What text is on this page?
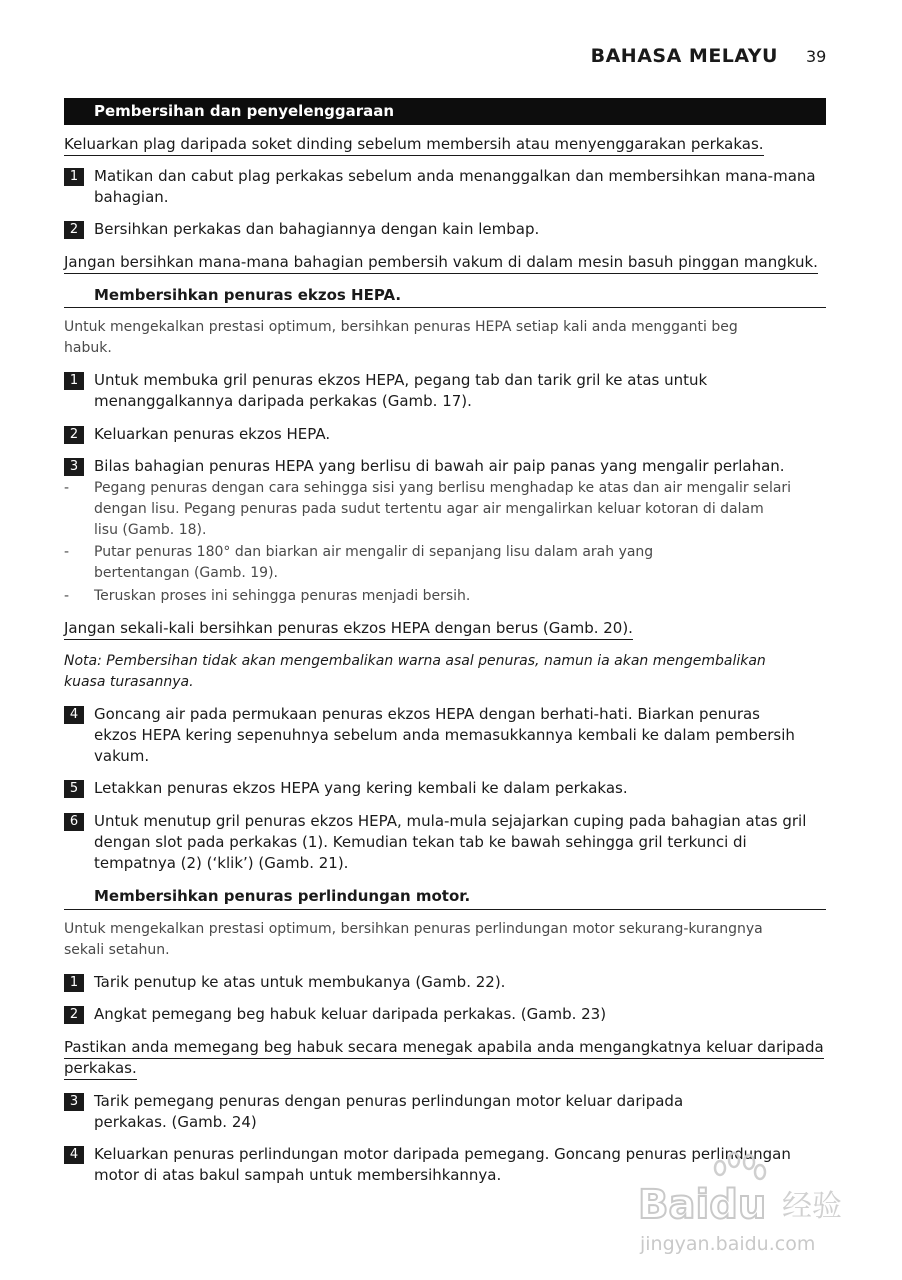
BAHASA MELAYU 39
Pembersihan dan penyelenggaraan
Keluarkan plag daripada soket dinding sebelum membersih atau menyenggarakan perkakas.
1	Matikan dan cabut plag perkakas sebelum anda menanggalkan dan membersihkan mana-mana
bahagian.
2	Bersihkan perkakas dan bahagiannya dengan kain lembap.
Jangan bersihkan mana-mana bahagian pembersih vakum di dalam mesin basuh pinggan mangkuk.
Membersihkan penuras ekzos HEPA.
Untuk mengekalkan prestasi optimum, bersihkan penuras HEPA setiap kali anda mengganti beg
habuk.
1	Untuk membuka gril penuras ekzos HEPA, pegang tab dan tarik gril ke atas untuk
menanggalkannya daripada perkakas (Gamb. 17).
2	Keluarkan penuras ekzos HEPA.
3	Bilas bahagian penuras HEPA yang berlisu di bawah air paip panas yang mengalir perlahan.
- Pegang penuras dengan cara sehingga sisi yang berlisu menghadap ke atas dan air mengalir selari
dengan lisu. Pegang penuras pada sudut tertentu agar air mengalirkan keluar kotoran di dalam
lisu (Gamb. 18).
- Putar penuras 180° dan biarkan air mengalir di sepanjang lisu dalam arah yang
bertentangan (Gamb. 19).
- Teruskan proses ini sehingga penuras menjadi bersih.
Jangan sekali-kali bersihkan penuras ekzos HEPA dengan berus (Gamb. 20).
Nota: Pembersihan tidak akan mengembalikan warna asal penuras, namun ia akan mengembalikan
kuasa turasannya.
4	Goncang air pada permukaan penuras ekzos HEPA dengan berhati-hati. Biarkan penuras
ekzos HEPA kering sepenuhnya sebelum anda memasukkannya kembali ke dalam pembersih
vakum.
5	Letakkan penuras ekzos HEPA yang kering kembali ke dalam perkakas.
6	Untuk menutup gril penuras ekzos HEPA, mula-mula sejajarkan cuping pada bahagian atas gril
dengan slot pada perkakas (1). Kemudian tekan tab ke bawah sehingga gril terkunci di
tempatnya (2) (‘klik’) (Gamb. 21).
Membersihkan penuras perlindungan motor.
Untuk mengekalkan prestasi optimum, bersihkan penuras perlindungan motor sekurang-kurangnya
sekali setahun.
1	Tarik penutup ke atas untuk membukanya (Gamb. 22).
2	Angkat pemegang beg habuk keluar daripada perkakas. (Gamb. 23)
Pastikan anda memegang beg habuk secara menegak apabila anda mengangkatnya keluar daripada
perkakas.
3	Tarik pemegang penuras dengan penuras perlindungan motor keluar daripada
perkakas. (Gamb. 24)
4	Keluarkan penuras perlindungan motor daripada pemegang. Goncang penuras perlindungan
motor di atas bakul sampah untuk membersihkannya.
Baidu 经验
jingyan.baidu.com
